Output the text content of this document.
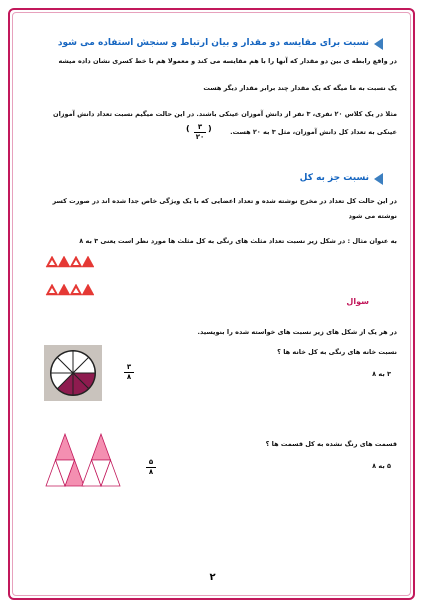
نسبت برای مقایسه دو مقدار و بیان ارتباط و سنجش استفاده می شود
در واقع رابطه ی بین دو مقدار که آنها را با هم مقایسه می کند و معمولا هم با خط کسری نشان داده میشه
یک نسبت به ما میگه که یک مقدار چند برابر مقدار دیگر هست
مثلا در یک کلاس ۲۰ نفری، ۳ نفر از دانش آموزان عینکی باشند. در این حالت میگیم نسبت تعداد دانش آموزان
عینکی به تعداد کل دانش آموزان، مثل ۳ به ۲۰ هست.
(	۳
۲۰
)
نسبت جز به کل
در این حالت کل تعداد در مخرج نوشته شده و تعداد اعضایی که با یک ویژگی خاص جدا شده اند در صورت کسر
نوشته می شود
به عنوان مثال : در شکل زیر نسبت تعداد مثلث های رنگی به کل مثلث ها مورد نظر است یعنی ۳ به ۸
سوال
در هر یک از شکل های زیر نسبت های خواسته شده را بنویسید.
نسبت خانه های رنگی به کل خانه ها ؟
۳ به ۸
۳
۸
قسمت های رنگ نشده به کل قسمت ها ؟
۵ به ۸
۵
۸
۲
